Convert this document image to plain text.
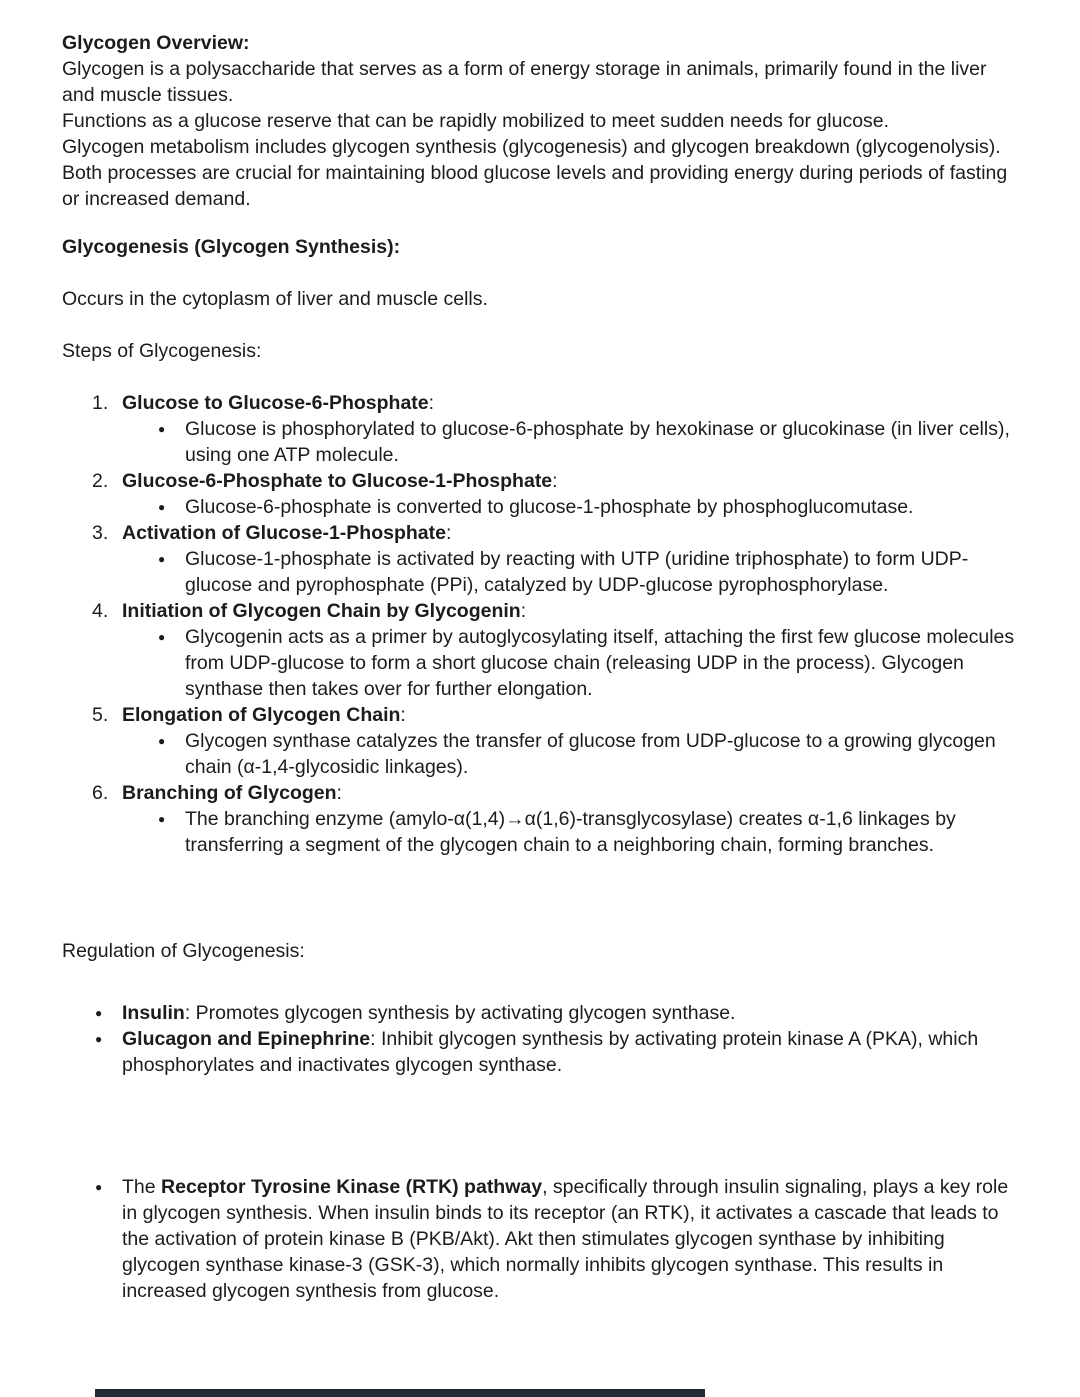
Glycogen Overview:

Glycogen is a polysaccharide that serves as a form of energy storage in animals, primarily found in the liver and muscle tissues.

Functions as a glucose reserve that can be rapidly mobilized to meet sudden needs for glucose.

Glycogen metabolism includes glycogen synthesis (glycogenesis) and glycogen breakdown (glycogenolysis). Both processes are crucial for maintaining blood glucose levels and providing energy during periods of fasting or increased demand.

Glycogenesis (Glycogen Synthesis):

Occurs in the cytoplasm of liver and muscle cells.

Steps of Glycogenesis:

1. Glucose to Glucose-6-Phosphate:
●	Glucose is phosphorylated to glucose-6-phosphate by hexokinase or glucokinase (in liver cells), using one ATP molecule.
2. Glucose-6-Phosphate to Glucose-1-Phosphate:
●	Glucose-6-phosphate is converted to glucose-1-phosphate by phosphoglucomutase.
3. Activation of Glucose-1-Phosphate:
●	Glucose-1-phosphate is activated by reacting with UTP (uridine triphosphate) to form UDP-glucose and pyrophosphate (PPi), catalyzed by UDP-glucose pyrophosphorylase.
4. Initiation of Glycogen Chain by Glycogenin:
●	Glycogenin acts as a primer by autoglycosylating itself, attaching the first few glucose molecules from UDP-glucose to form a short glucose chain (releasing UDP in the process). Glycogen synthase then takes over for further elongation.
5. Elongation of Glycogen Chain:
●	Glycogen synthase catalyzes the transfer of glucose from UDP-glucose to a growing glycogen chain (α-1,4-glycosidic linkages).
6. Branching of Glycogen:
●	The branching enzyme (amylo-α(1,4)→α(1,6)-transglycosylase) creates α-1,6 linkages by transferring a segment of the glycogen chain to a neighboring chain, forming branches.

Regulation of Glycogenesis:

●	Insulin: Promotes glycogen synthesis by activating glycogen synthase.
●	Glucagon and Epinephrine: Inhibit glycogen synthesis by activating protein kinase A (PKA), which phosphorylates and inactivates glycogen synthase.
●	The Receptor Tyrosine Kinase (RTK) pathway, specifically through insulin signaling, plays a key role in glycogen synthesis. When insulin binds to its receptor (an RTK), it activates a cascade that leads to the activation of protein kinase B (PKB/Akt). Akt then stimulates glycogen synthase by inhibiting glycogen synthase kinase-3 (GSK-3), which normally inhibits glycogen synthase. This results in increased glycogen synthesis from glucose.
